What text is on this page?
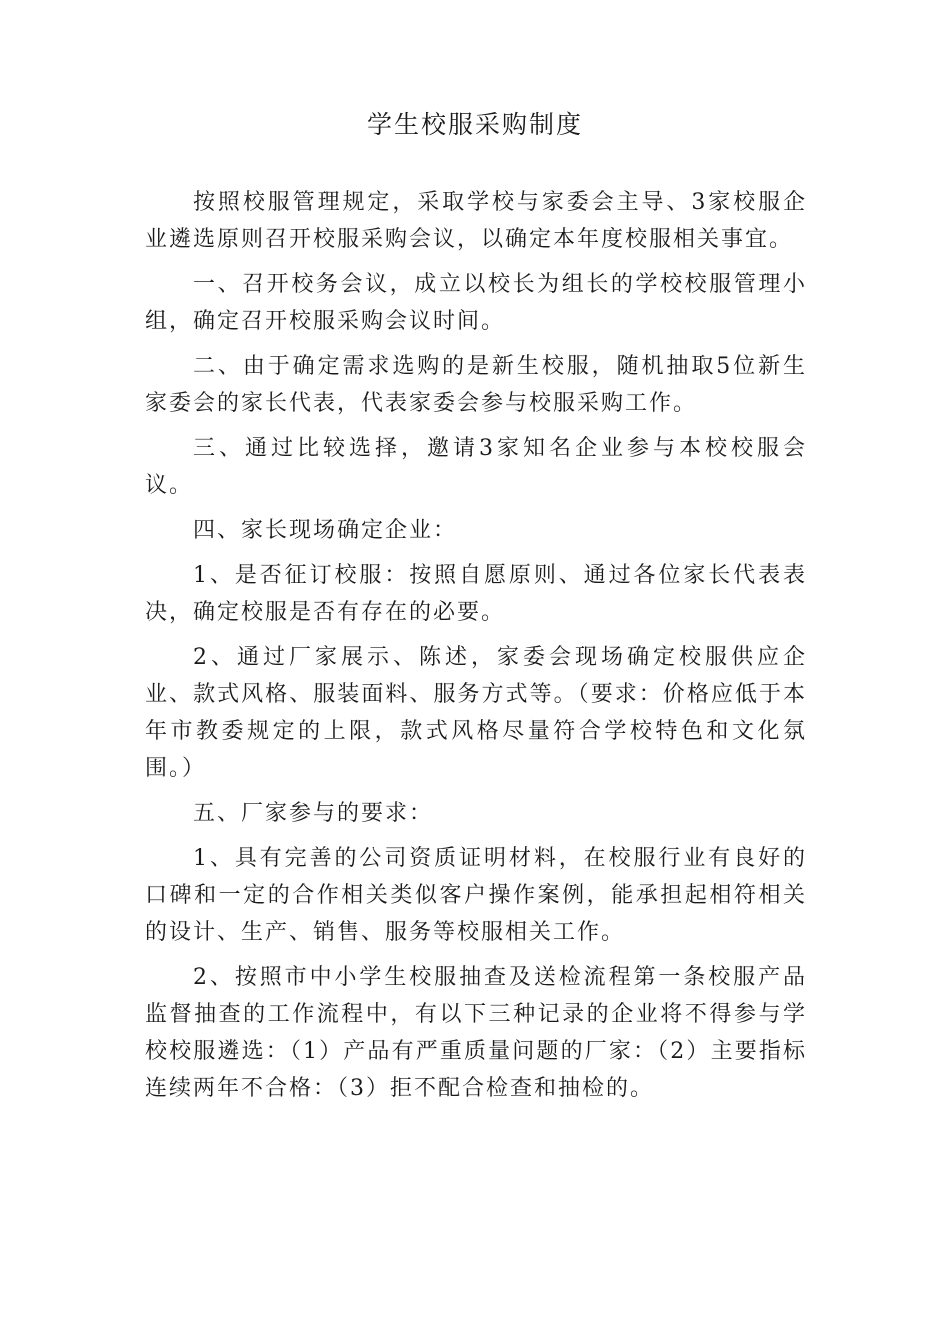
学生校服采购制度

按照校服管理规定，采取学校与家委会主导、3家校服企业遴选原则召开校服采购会议，以确定本年度校服相关事宜。

一、召开校务会议，成立以校长为组长的学校校服管理小组，确定召开校服采购会议时间。

二、由于确定需求选购的是新生校服，随机抽取5位新生家委会的家长代表，代表家委会参与校服采购工作。

三、通过比较选择，邀请3家知名企业参与本校校服会议。

四、家长现场确定企业：

1、是否征订校服：按照自愿原则、通过各位家长代表表决，确定校服是否有存在的必要。

2、通过厂家展示、陈述，家委会现场确定校服供应企业、款式风格、服装面料、服务方式等。（要求：价格应低于本年市教委规定的上限，款式风格尽量符合学校特色和文化氛围。）

五、厂家参与的要求：

1、具有完善的公司资质证明材料，在校服行业有良好的口碑和一定的合作相关类似客户操作案例，能承担起相符相关的设计、生产、销售、服务等校服相关工作。

2、按照市中小学生校服抽查及送检流程第一条校服产品监督抽查的工作流程中，有以下三种记录的企业将不得参与学校校服遴选：（1）产品有严重质量问题的厂家：（2）主要指标连续两年不合格：（3）拒不配合检查和抽检的。
